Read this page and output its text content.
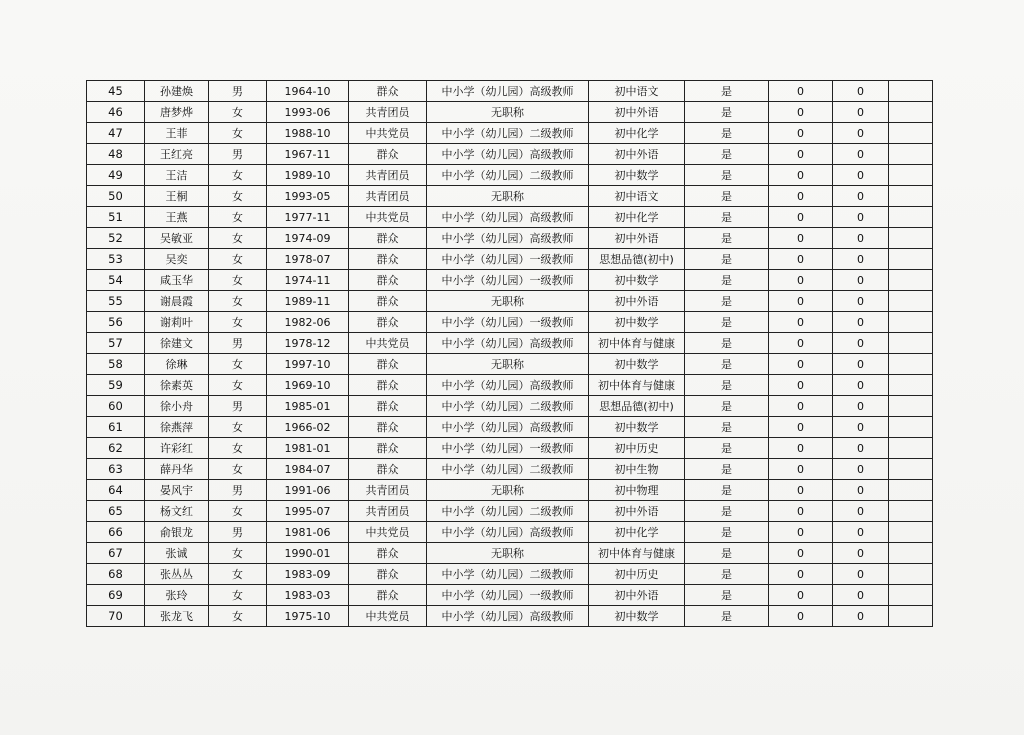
45	孙建焕	男	1964-10	群众	中小学（幼儿园）高级教师	初中语文	是	0	0	
46	唐梦烨	女	1993-06	共青团员	无职称	初中外语	是	0	0	
47	王菲	女	1988-10	中共党员	中小学（幼儿园）二级教师	初中化学	是	0	0	
48	王红亮	男	1967-11	群众	中小学（幼儿园）高级教师	初中外语	是	0	0	
49	王洁	女	1989-10	共青团员	中小学（幼儿园）二级教师	初中数学	是	0	0	
50	王桐	女	1993-05	共青团员	无职称	初中语文	是	0	0	
51	王燕	女	1977-11	中共党员	中小学（幼儿园）高级教师	初中化学	是	0	0	
52	吴敏亚	女	1974-09	群众	中小学（幼儿园）高级教师	初中外语	是	0	0	
53	吴奕	女	1978-07	群众	中小学（幼儿园）一级教师	思想品德(初中)	是	0	0	
54	咸玉华	女	1974-11	群众	中小学（幼儿园）一级教师	初中数学	是	0	0	
55	谢晨霞	女	1989-11	群众	无职称	初中外语	是	0	0	
56	谢莉叶	女	1982-06	群众	中小学（幼儿园）一级教师	初中数学	是	0	0	
57	徐建文	男	1978-12	中共党员	中小学（幼儿园）高级教师	初中体育与健康	是	0	0	
58	徐琳	女	1997-10	群众	无职称	初中数学	是	0	0	
59	徐素英	女	1969-10	群众	中小学（幼儿园）高级教师	初中体育与健康	是	0	0	
60	徐小舟	男	1985-01	群众	中小学（幼儿园）二级教师	思想品德(初中)	是	0	0	
61	徐燕萍	女	1966-02	群众	中小学（幼儿园）高级教师	初中数学	是	0	0	
62	许彩红	女	1981-01	群众	中小学（幼儿园）一级教师	初中历史	是	0	0	
63	薛丹华	女	1984-07	群众	中小学（幼儿园）二级教师	初中生物	是	0	0	
64	晏风宇	男	1991-06	共青团员	无职称	初中物理	是	0	0	
65	杨文红	女	1995-07	共青团员	中小学（幼儿园）二级教师	初中外语	是	0	0	
66	俞银龙	男	1981-06	中共党员	中小学（幼儿园）高级教师	初中化学	是	0	0	
67	张诚	女	1990-01	群众	无职称	初中体育与健康	是	0	0	
68	张丛丛	女	1983-09	群众	中小学（幼儿园）二级教师	初中历史	是	0	0	
69	张玲	女	1983-03	群众	中小学（幼儿园）一级教师	初中外语	是	0	0	
70	张龙飞	女	1975-10	中共党员	中小学（幼儿园）高级教师	初中数学	是	0	0	
